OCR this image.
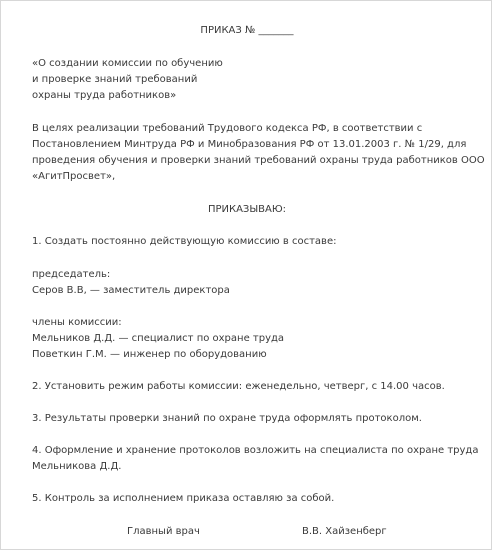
ПРИКАЗ № _______
«О создании комиссии по обучению
и проверке знаний требований
охраны труда работников»
В целях реализации требований Трудового кодекса РФ, в соответствии с
Постановлением Минтруда РФ и Минобразования РФ от 13.01.2003 г. № 1/29, для
проведения обучения и проверки знаний требований охраны труда работников ООО
«АгитПросвет»,
ПРИКАЗЫВАЮ:
1. Создать постоянно действующую комиссию в составе:
председатель:
Серов В.В, — заместитель директора
члены комиссии:
Мельников Д.Д. — специалист по охране труда
Поветкин Г.М. — инженер по оборудованию
2. Установить режим работы комиссии: еженедельно, четверг, с 14.00 часов.
3. Результаты проверки знаний по охране труда оформлять протоколом.
4. Оформление и хранение протоколов возложить на специалиста по охране труда
Мельникова Д.Д.
5. Контроль за исполнением приказа оставляю за собой.
Главный врач	В.В. Хайзенберг
